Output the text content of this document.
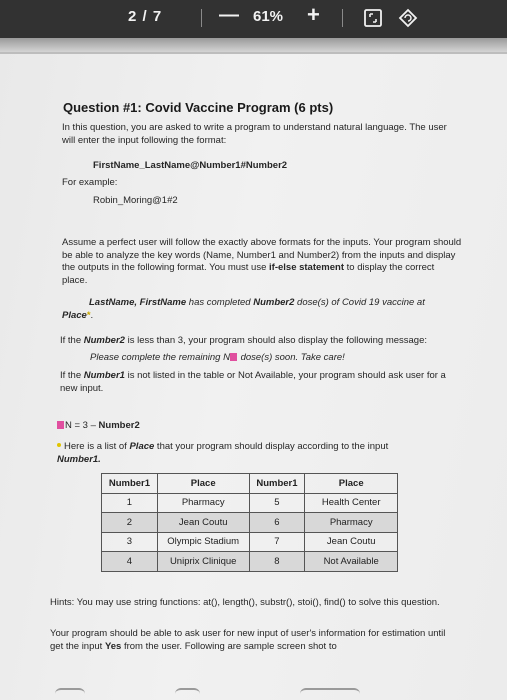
2 / 7	— 61% +
Question #1: Covid Vaccine Program (6 pts)
In this question, you are asked to write a program to understand natural language. The user will enter the input following the format:
FirstName_LastName@Number1#Number2
For example:
Robin_Moring@1#2
Assume a perfect user will follow the exactly above formats for the inputs. Your program should be able to analyze the key words (Name, Number1 and Number2) from the inputs and display the outputs in the following format. You must use if-else statement to display the correct place.
LastName, FirstName has completed Number2 dose(s) of Covid 19 vaccine at
Place*.
If the Number2 is less than 3, your program should also display the following message:
Please complete the remaining N dose(s) soon. Take care!
If the Number1 is not listed in the table or Not Available, your program should ask user for a new input.
N = 3 – Number2
Here is a list of Place that your program should display according to the input
Number1.
Number1	Place	Number1	Place
1	Pharmacy	5	Health Center
2	Jean Coutu	6	Pharmacy
3	Olympic Stadium	7	Jean Coutu
4	Uniprix Clinique	8	Not Available
Hints: You may use string functions: at(), length(), substr(), stoi(), find() to solve this question.
Your program should be able to ask user for new input of user's information for estimation until get the input Yes from the user. Following are sample screen shot to
